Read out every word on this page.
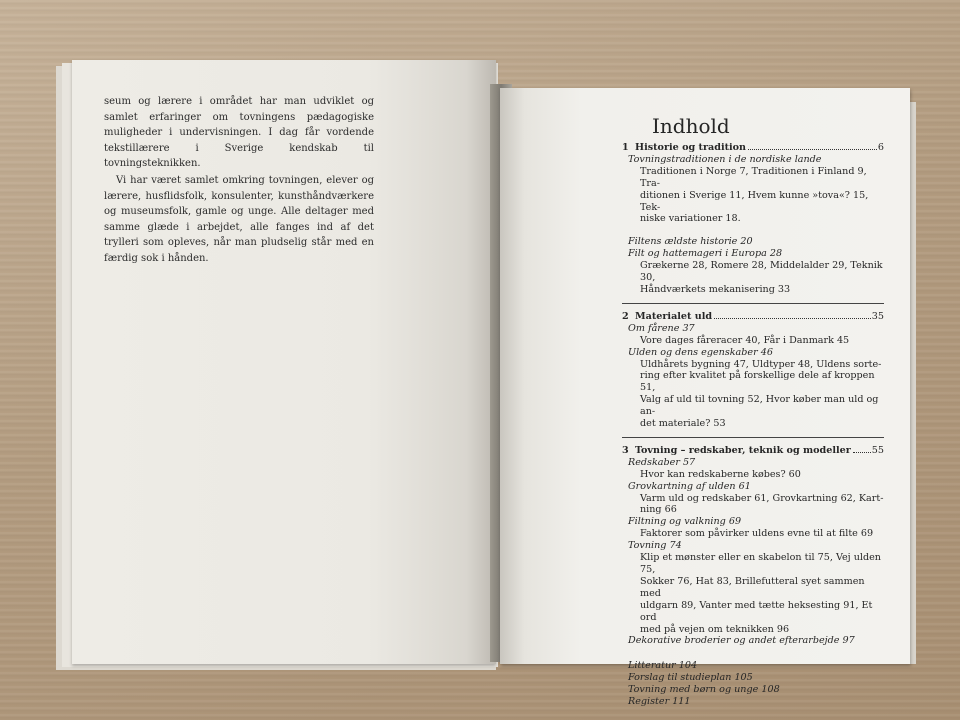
seum og lærere i området har man udviklet og samlet erfaringer om tovningens pædagogiske muligheder i undervisningen. I dag får vordende tekstillærere i Sverige kendskab til tovningsteknikken.

Vi har været samlet omkring tovningen, elever og lærere, husflidsfolk, konsulenter, kunsthåndværkere og museumsfolk, gamle og unge. Alle deltager med samme glæde i arbejdet, alle fanges ind af det trylleri som opleves, når man pludselig står med en færdig sok i hånden.

Indhold
1 Historie og tradition	6
Tovningstraditionen i de nordiske lande
Traditionen i Norge 7, Traditionen i Finland 9, Tra-
ditionen i Sverige 11, Hvem kunne »tova«? 15, Tek-
niske variationer 18.
Filtens ældste historie 20
Filt og hattemageri i Europa 28
Grækerne 28, Romere 28, Middelalder 29, Teknik 30,
Håndværkets mekanisering 33
2 Materialet uld	35
Om fårene 37
Vore dages fåreracer 40, Får i Danmark 45
Ulden og dens egenskaber 46
Uldhårets bygning 47, Uldtyper 48, Uldens sorte-
ring efter kvalitet på forskellige dele af kroppen 51,
Valg af uld til tovning 52, Hvor køber man uld og an-
det materiale? 53
3 Tovning – redskaber, teknik og modeller 55
Redskaber 57
Hvor kan redskaberne købes? 60
Grovkartning af ulden 61
Varm uld og redskaber 61, Grovkartning 62, Kart-
ning 66
Filtning og valkning 69
Faktorer som påvirker uldens evne til at filte 69
Tovning 74
Klip et mønster eller en skabelon til 75, Vej ulden 75,
Sokker 76, Hat 83, Brillefutteral syet sammen med
uldgarn 89, Vanter med tætte heksesting 91, Et ord
med på vejen om teknikken 96
Dekorative broderier og andet efterarbejde 97
Litteratur 104
Forslag til studieplan 105
Tovning med børn og unge 108
Register 111
